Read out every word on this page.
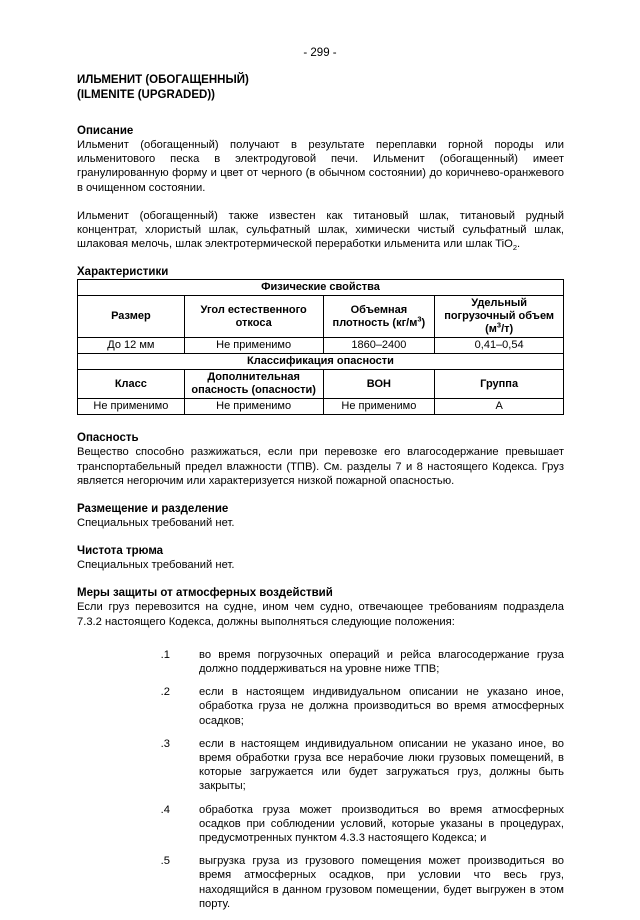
- 299 -
ИЛЬМЕНИТ (ОБОГАЩЕННЫЙ)
(ILMENITE (UPGRADED))
Описание

Ильменит (обогащенный) получают в результате переплавки горной породы или ильменитового песка в электродуговой печи. Ильменит (обогащенный) имеет гранулированную форму и цвет от черного (в обычном состоянии) до коричнево-оранжевого в очищенном состоянии.

Ильменит (обогащенный) также известен как титановый шлак, титановый рудный концентрат, хлористый шлак, сульфатный шлак, химически чистый сульфатный шлак, шлаковая мелочь, шлак электротермической переработки ильменита или шлак TiO$_2$.

Характеристики
Физические свойства			
Размер	Угол естественного откоса	Объемная плотность $(кг/м^3)$	Удельный погрузочный объем $(м^3/т)$
До 12 мм	Не применимо	1860–2400	0,41–0,54
Классификация опасности			
Класс	Дополнительная опасность (опасности)	ВОН	Группа
Не применимо	Не применимо	Не применимо	А
Опасность

Вещество способно разжижаться, если при перевозке его влагосодержание превышает транспортабельный предел влажности (ТПВ). См. разделы 7 и 8 настоящего Кодекса. Груз является негорючим или характеризуется низкой пожарной опасностью.

Размещение и разделение

Специальных требований нет.

Чистота трюма

Специальных требований нет.

Меры защиты от атмосферных воздействий

Если груз перевозится на судне, ином чем судно, отвечающее требованиям подраздела 7.3.2 настоящего Кодекса, должны выполняться следующие положения:

.1	во время погрузочных операций и рейса влагосодержание груза должно поддерживаться на уровне ниже ТПВ;
.2	если в настоящем индивидуальном описании не указано иное, обработка груза не должна производиться во время атмосферных осадков;
.3	если в настоящем индивидуальном описании не указано иное, во время обработки груза все нерабочие люки грузовых помещений, в которые загружается или будет загружаться груз, должны быть закрыты;
.4	обработка груза может производиться во время атмосферных осадков при соблюдении условий, которые указаны в процедурах, предусмотренных пунктом 4.3.3 настоящего Кодекса; и
.5	выгрузка груза из грузового помещения может производиться во время атмосферных осадков, при условии что весь груз, находящийся в данном грузовом помещении, будет выгружен в этом порту.
